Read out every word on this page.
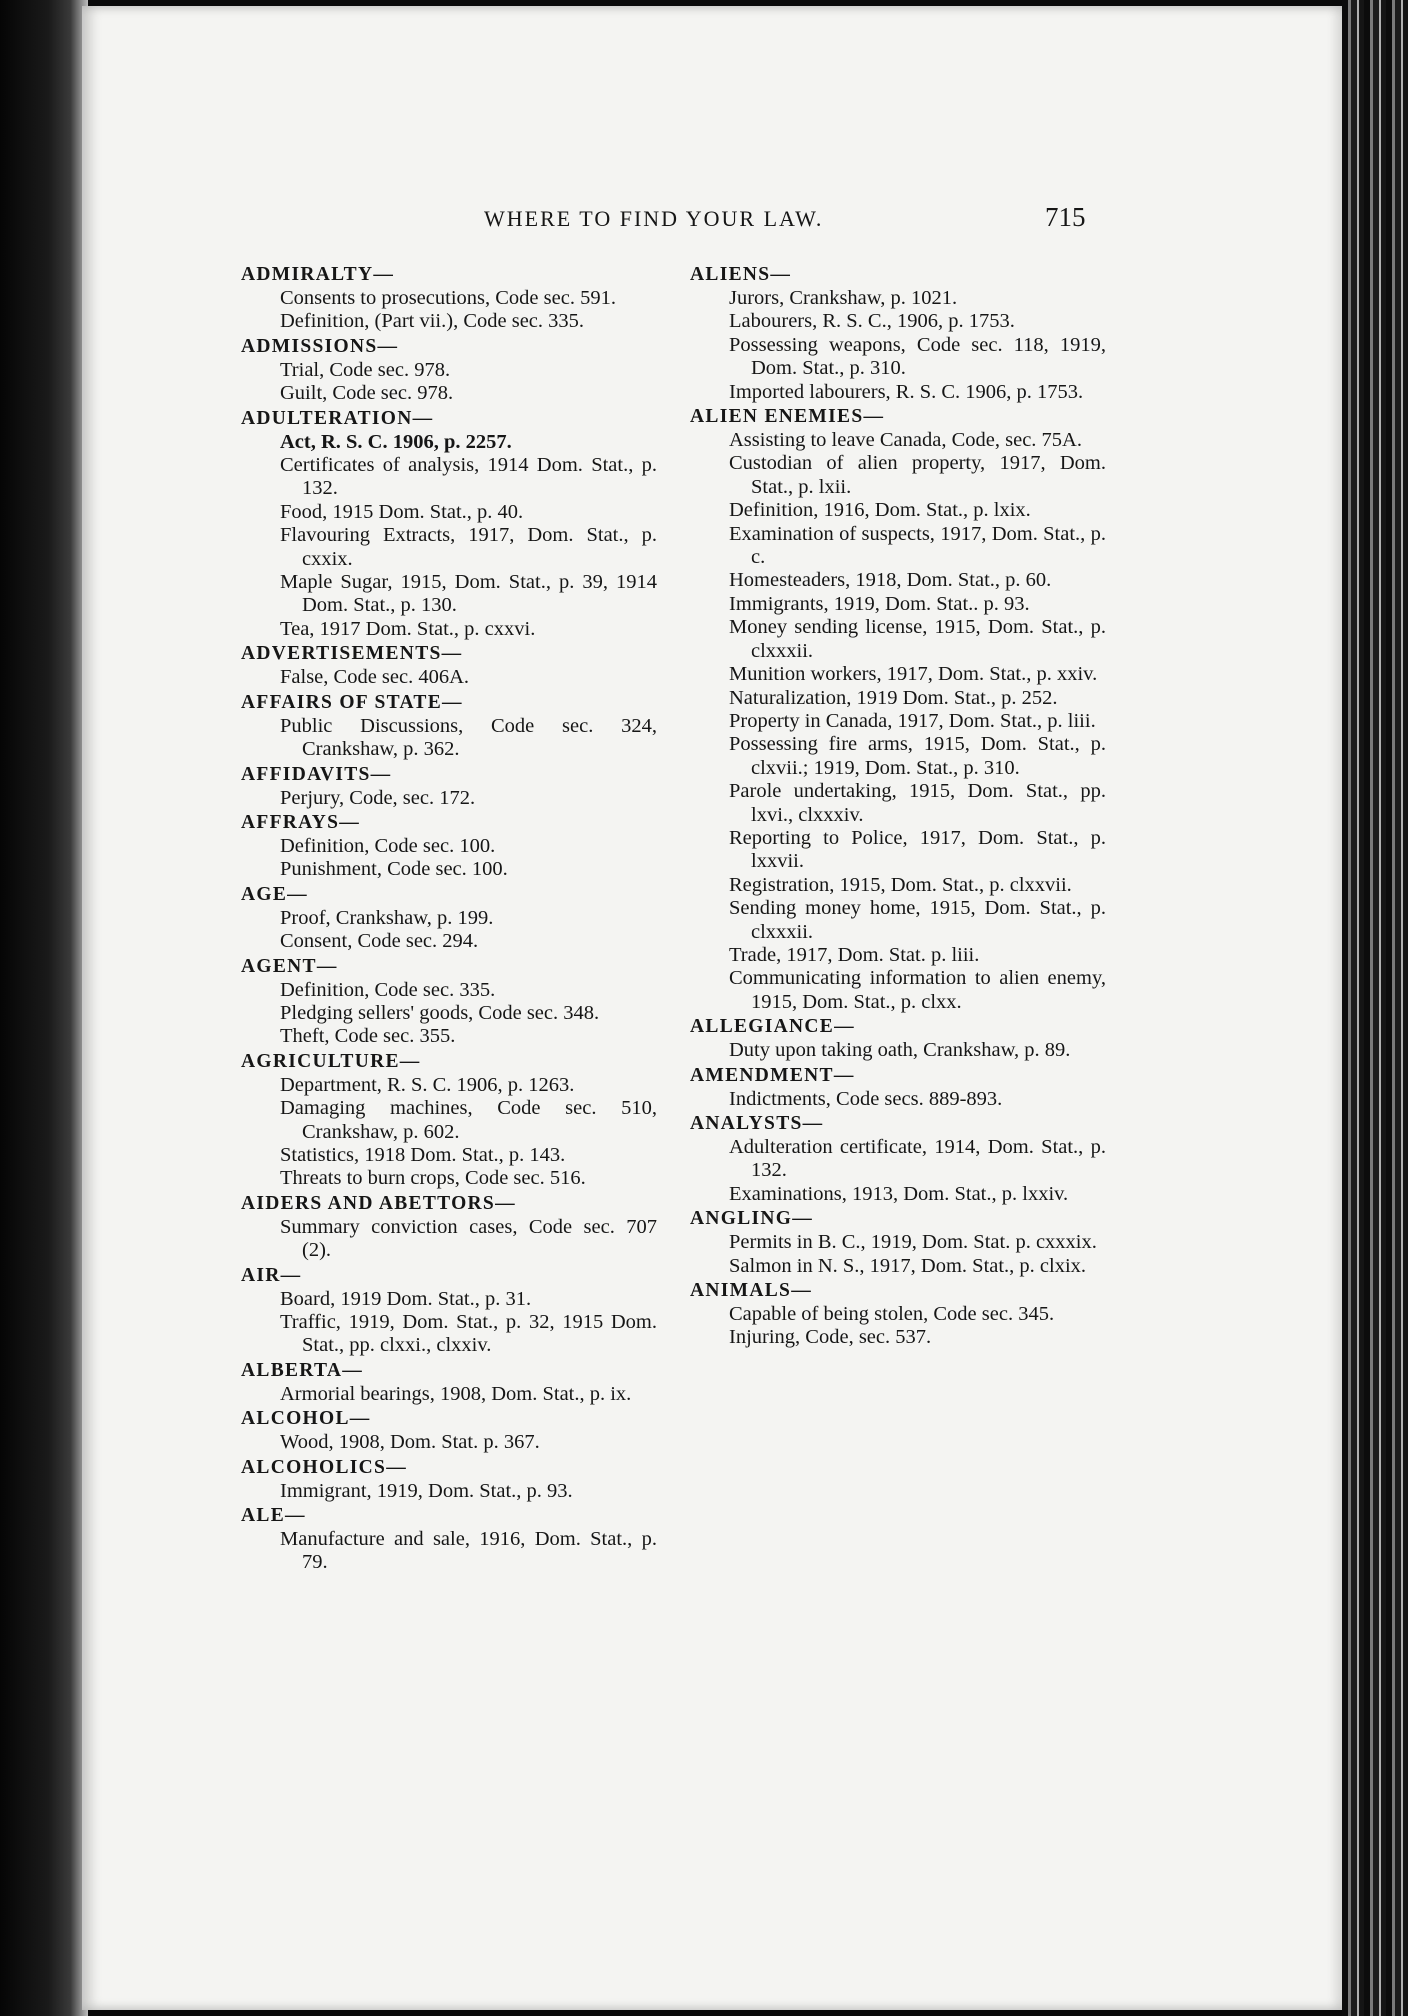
WHERE TO FIND YOUR LAW.	715
ADMIRALTY—
Consents to prosecutions, Code sec. 591.
Definition, (Part vii.), Code sec. 335.
ADMISSIONS—
Trial, Code sec. 978.
Guilt, Code sec. 978.
ADULTERATION—
Act, R. S. C. 1906, p. 2257.
Certificates of analysis, 1914 Dom. Stat., p. 132.
Food, 1915 Dom. Stat., p. 40.
Flavouring Extracts, 1917, Dom. Stat., p. cxxix.
Maple Sugar, 1915, Dom. Stat., p. 39, 1914 Dom. Stat., p. 130.
Tea, 1917 Dom. Stat., p. cxxvi.
ADVERTISEMENTS—
False, Code sec. 406A.
AFFAIRS OF STATE—
Public Discussions, Code sec. 324, Crankshaw, p. 362.
AFFIDAVITS—
Perjury, Code, sec. 172.
AFFRAYS—
Definition, Code sec. 100.
Punishment, Code sec. 100.
AGE—
Proof, Crankshaw, p. 199.
Consent, Code sec. 294.
AGENT—
Definition, Code sec. 335.
Pledging sellers' goods, Code sec. 348.
Theft, Code sec. 355.
AGRICULTURE—
Department, R. S. C. 1906, p. 1263.
Damaging machines, Code sec. 510, Crankshaw, p. 602.
Statistics, 1918 Dom. Stat., p. 143.
Threats to burn crops, Code sec. 516.
AIDERS AND ABETTORS—
Summary conviction cases, Code sec. 707 (2).
AIR—
Board, 1919 Dom. Stat., p. 31.
Traffic, 1919, Dom. Stat., p. 32, 1915 Dom. Stat., pp. clxxi., clxxiv.
ALBERTA—
Armorial bearings, 1908, Dom. Stat., p. ix.
ALCOHOL—
Wood, 1908, Dom. Stat. p. 367.
ALCOHOLICS—
Immigrant, 1919, Dom. Stat., p. 93.
ALE—
Manufacture and sale, 1916, Dom. Stat., p. 79.
ALIENS—
Jurors, Crankshaw, p. 1021.
Labourers, R. S. C., 1906, p. 1753.
Possessing weapons, Code sec. 118, 1919, Dom. Stat., p. 310.
Imported labourers, R. S. C. 1906, p. 1753.
ALIEN ENEMIES—
Assisting to leave Canada, Code, sec. 75A.
Custodian of alien property, 1917, Dom. Stat., p. lxii.
Definition, 1916, Dom. Stat., p. lxix.
Examination of suspects, 1917, Dom. Stat., p. c.
Homesteaders, 1918, Dom. Stat., p. 60.
Immigrants, 1919, Dom. Stat.. p. 93.
Money sending license, 1915, Dom. Stat., p. clxxxii.
Munition workers, 1917, Dom. Stat., p. xxiv.
Naturalization, 1919 Dom. Stat., p. 252.
Property in Canada, 1917, Dom. Stat., p. liii.
Possessing fire arms, 1915, Dom. Stat., p. clxvii.; 1919, Dom. Stat., p. 310.
Parole undertaking, 1915, Dom. Stat., pp. lxvi., clxxxiv.
Reporting to Police, 1917, Dom. Stat., p. lxxvii.
Registration, 1915, Dom. Stat., p. clxxvii.
Sending money home, 1915, Dom. Stat., p. clxxxii.
Trade, 1917, Dom. Stat. p. liii.
Communicating information to alien enemy, 1915, Dom. Stat., p. clxx.
ALLEGIANCE—
Duty upon taking oath, Crankshaw, p. 89.
AMENDMENT—
Indictments, Code secs. 889-893.
ANALYSTS—
Adulteration certificate, 1914, Dom. Stat., p. 132.
Examinations, 1913, Dom. Stat., p. lxxiv.
ANGLING—
Permits in B. C., 1919, Dom. Stat. p. cxxxix.
Salmon in N. S., 1917, Dom. Stat., p. clxix.
ANIMALS—
Capable of being stolen, Code sec. 345.
Injuring, Code, sec. 537.
